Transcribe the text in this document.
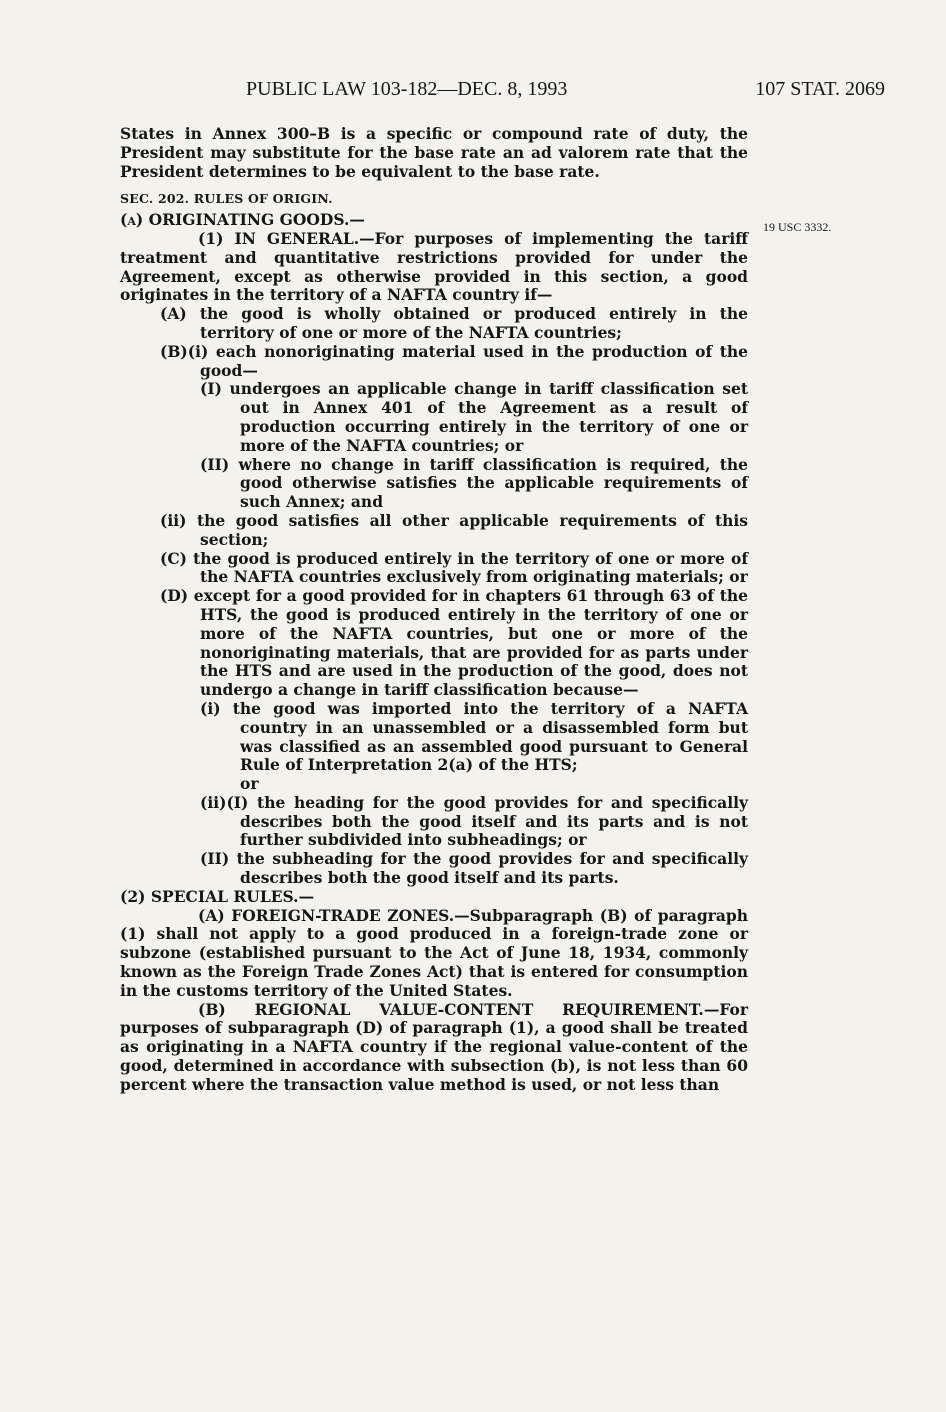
PUBLIC LAW 103-182—DEC. 8, 1993	107 STAT. 2069
19 USC 3332.

States in Annex 300–B is a specific or compound rate of duty, the President may substitute for the base rate an ad valorem rate that the President determines to be equivalent to the base rate.

SEC. 202. RULES OF ORIGIN.

(a) ORIGINATING GOODS.—

(1) IN GENERAL.—For purposes of implementing the tariff treatment and quantitative restrictions provided for under the Agreement, except as otherwise provided in this section, a good originates in the territory of a NAFTA country if—

(A) the good is wholly obtained or produced entirely in the territory of one or more of the NAFTA countries;

(B)(i) each nonoriginating material used in the production of the good—

(I) undergoes an applicable change in tariff classification set out in Annex 401 of the Agreement as a result of production occurring entirely in the territory of one or more of the NAFTA countries; or

(II) where no change in tariff classification is required, the good otherwise satisfies the applicable requirements of such Annex; and

(ii) the good satisfies all other applicable requirements of this section;

(C) the good is produced entirely in the territory of one or more of the NAFTA countries exclusively from originating materials; or

(D) except for a good provided for in chapters 61 through 63 of the HTS, the good is produced entirely in the territory of one or more of the NAFTA countries, but one or more of the nonoriginating materials, that are provided for as parts under the HTS and are used in the production of the good, does not undergo a change in tariff classification because—

(i) the good was imported into the territory of a NAFTA country in an unassembled or a disassembled form but was classified as an assembled good pursuant to General Rule of Interpretation 2(a) of the HTS;

or

(ii)(I) the heading for the good provides for and specifically describes both the good itself and its parts and is not further subdivided into subheadings; or

(II) the subheading for the good provides for and specifically describes both the good itself and its parts.

(2) SPECIAL RULES.—

(A) FOREIGN-TRADE ZONES.—Subparagraph (B) of paragraph (1) shall not apply to a good produced in a foreign-trade zone or subzone (established pursuant to the Act of June 18, 1934, commonly known as the Foreign Trade Zones Act) that is entered for consumption in the customs territory of the United States.

(B) REGIONAL VALUE-CONTENT REQUIREMENT.—For purposes of subparagraph (D) of paragraph (1), a good shall be treated as originating in a NAFTA country if the regional value-content of the good, determined in accordance with subsection (b), is not less than 60 percent where the transaction value method is used, or not less than
